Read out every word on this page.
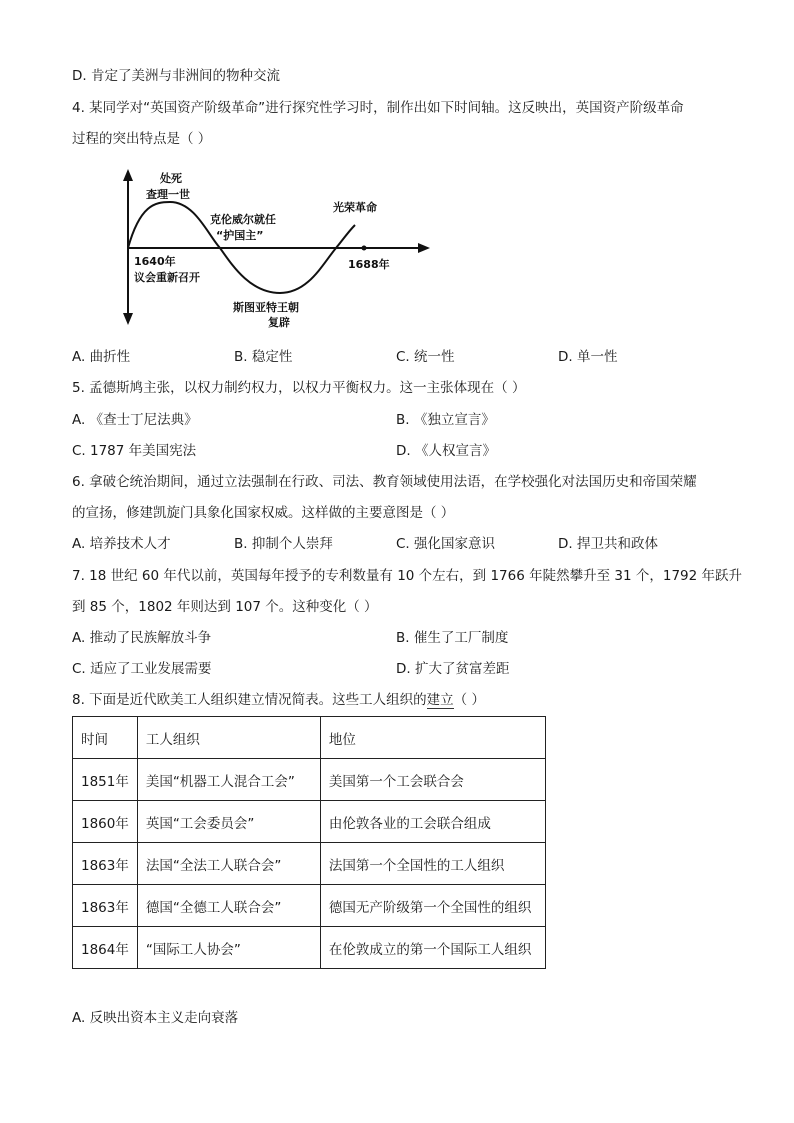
D. 肯定了美洲与非洲间的物种交流
4. 某同学对“英国资产阶级革命”进行探究性学习时，制作出如下时间轴。这反映出，英国资产阶级革命
过程的突出特点是（ ）
处死
查理一世
克伦威尔就任
“护国主”
光荣革命
1640年
议会重新召开
1688年
斯图亚特王朝
复辟
A. 曲折性	B. 稳定性	C. 统一性	D. 单一性
5. 孟德斯鸠主张，以权力制约权力，以权力平衡权力。这一主张体现在（ ）
A. 《查士丁尼法典》	B. 《独立宣言》
C. 1787 年美国宪法	D. 《人权宣言》
6. 拿破仑统治期间，通过立法强制在行政、司法、教育领域使用法语，在学校强化对法国历史和帝国荣耀
的宣扬，修建凯旋门具象化国家权威。这样做的主要意图是（ ）
A. 培养技术人才	B. 抑制个人崇拜	C. 强化国家意识	D. 捍卫共和政体
7. 18 世纪 60 年代以前，英国每年授予的专利数量有 10 个左右，到 1766 年陡然攀升至 31 个，1792 年跃升
到 85 个，1802 年则达到 107 个。这种变化（ ）
A. 推动了民族解放斗争	B. 催生了工厂制度
C. 适应了工业发展需要	D. 扩大了贫富差距
8. 下面是近代欧美工人组织建立情况简表。这些工人组织的建立（ ）
时间	工人组织	地位
1851年	美国“机器工人混合工会”	美国第一个工会联合会
1860年	英国“工会委员会”	由伦敦各业的工会联合组成
1863年	法国“全法工人联合会”	法国第一个全国性的工人组织
1863年	德国“全德工人联合会”	德国无产阶级第一个全国性的组织
1864年	“国际工人协会”	在伦敦成立的第一个国际工人组织
A. 反映出资本主义走向衰落
